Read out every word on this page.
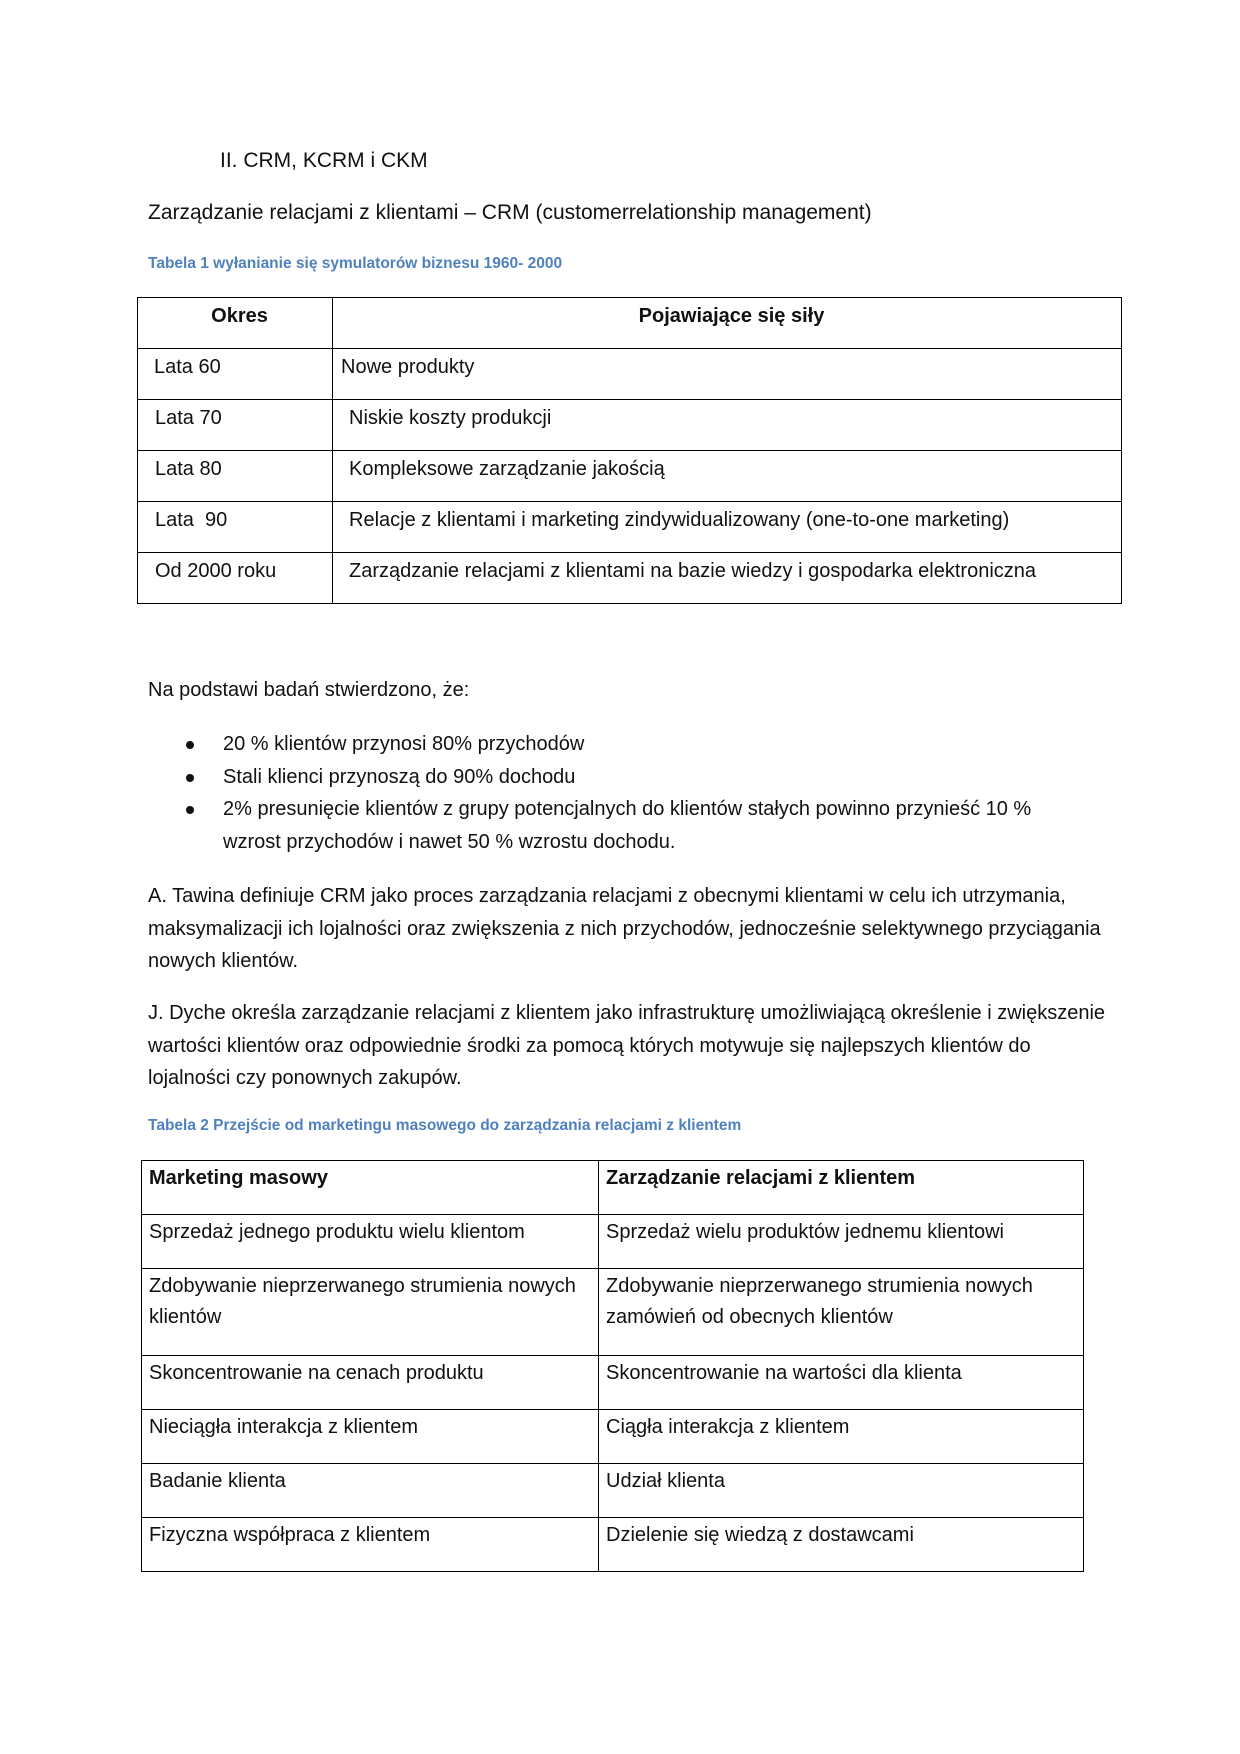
II. CRM, KCRM i CKM

Zarządzanie relacjami z klientami – CRM (customerrelationship management)

Tabela 1 wyłanianie się symulatorów biznesu 1960- 2000

Okres	Pojawiające się siły
Lata 60	Nowe produkty
Lata 70	Niskie koszty produkcji
Lata 80	Kompleksowe zarządzanie jakością
Lata  90	Relacje z klientami i marketing zindywidualizowany (one-to-one marketing)
Od 2000 roku	Zarządzanie relacjami z klientami na bazie wiedzy i gospodarka elektroniczna

Na podstawi badań stwierdzono, że:

20 % klientów przynosi 80% przychodów
Stali klienci przynoszą do 90% dochodu
2% presunięcie klientów z grupy potencjalnych do klientów stałych powinno przynieść 10 % wzrost przychodów i nawet 50 % wzrostu dochodu.

A. Tawina definiuje CRM jako proces zarządzania relacjami z obecnymi klientami w celu ich utrzymania, maksymalizacji ich lojalności oraz zwiększenia z nich przychodów, jednocześnie selektywnego przyciągania nowych klientów.

J. Dyche określa zarządzanie relacjami z klientem jako infrastrukturę umożliwiającą określenie i zwiększenie wartości klientów oraz odpowiednie środki za pomocą których motywuje się najlepszych klientów do lojalności czy ponownych zakupów.

Tabela 2 Przejście od marketingu masowego do zarządzania relacjami z klientem

Marketing masowy	Zarządzanie relacjami z klientem
Sprzedaż jednego produktu wielu klientom	Sprzedaż wielu produktów jednemu klientowi
Zdobywanie nieprzerwanego strumienia nowych klientów	Zdobywanie nieprzerwanego strumienia nowych zamówień od obecnych klientów
Skoncentrowanie na cenach produktu	Skoncentrowanie na wartości dla klienta
Nieciągła interakcja z klientem	Ciągła interakcja z klientem
Badanie klienta	Udział klienta
Fizyczna współpraca z klientem	Dzielenie się wiedzą z dostawcami
